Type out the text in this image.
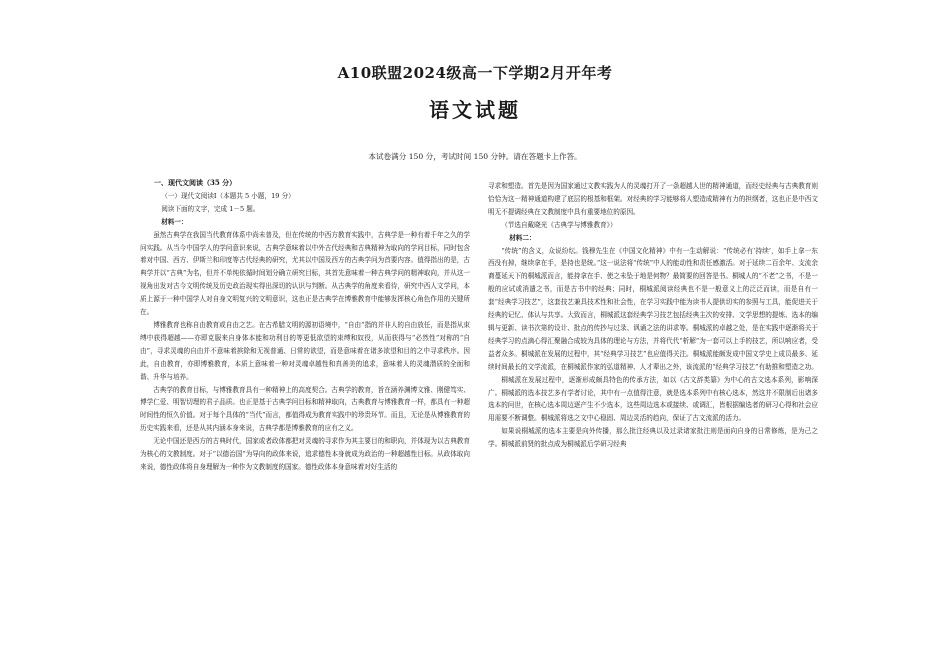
A10联盟2024级高一下学期2月开年考
语文试题
本试卷满分 150 分，考试时间 150 分钟。请在答题卡上作答。

一、现代文阅读（35 分）

（一）现代文阅读Ⅰ（本题共 5 小题，19 分）

阅读下面的文字，完成 1－5 题。

材料一：

虽然古典学在我国当代教育体系中尚未普及，但在传统的中西方教育实践中，古典学是一种有着千年之久的学问实践。从当今中国学人的学问意识来说，古典学意味着以中外古代经典和古典精神为取向的学问目标，同时包含着对中国、西方、伊斯兰和印度等古代经典的研究，尤其以中国及西方的古典学问为首要内容。值得指出的是，古典学并以“古典”为名，但并不单纯依循时间划分确立研究目标，其首先意味着一种古典学问的精神取向，并从这一视角出发对古今文明传统及历史政治现实得出深切的认识与判断。从古典学的角度来看待，研究中西人文学问，本质上源于一种中国学人对自身文明复兴的文明意识，这也正是古典学在博雅教育中能够发挥核心角色作用的关键所在。

博雅教育也称自由教育或自由之艺。在古希腊文明的源初语境中，“自由”指的并非人的自由放任，而是指从束缚中获得超越——亦即克服来自身体本能和功利目的等更低欲望的束缚和奴役，从而获得与“必然性”对称的“自由”，寻求灵魂的自由并不意味着摈除和无视普通、日常的欲望，而是意味着在诸多欲望和目的之中寻求秩序。因此，自由教育，亦即博雅教育，本质上意味着一种对灵魂卓越性和真善美的追求，意味着人的灵魂潜质的全面和谐、升华与培养。

古典学的教育目标，与博雅教育具有一种精神上的高度契合。古典学的教育，旨在涵养渊博文雅、刚健笃实、博学仁爱、明智切理的君子品质。也正是基于古典学问目标和精神取向，古典教育与博雅教育一样，都具有一种超时间性的恒久价值。对于每个具体的“当代”而言，都值得成为教育实践中的珍贵环节。而且，无论是从博雅教育的历史实践来看，还是从其内涵本身来说，古典学都是博雅教育的应有之义。

无论中国还是西方的古典时代，国家或者政体都把对灵魂的寻求作为其主要目的和职向，并体现为以古典教育为核心的文教制度。对于“以德治国”为导向的政体来说，追求德性本身就成为政治的一种超越性目标。从政体取向来说，德性政体将自身理解为一种作为文教制度的国家。德性政体本身意味着对好生活的

寻求和塑造。首先是因为国家通过文教实践为人的灵魂打开了一条超越人世的精神通道，而经史经典与古典教育则恰恰为这一精神通道构建了底层的根基和框架。对经典的学习能够将人塑造成精神有力的担纲者，这也正是中西文明无不提调经典在文教制度中具有重要地位的原因。

（节选自戴晓光《古典学与博雅教育》）

材料二：

“传统”的含义，众说纷纭。钱穆先生在《中国文化精神》中有一生动解说：“传统必有‘持续’，如手上拿一东西没有掉，继续拿在手，是持也是统。”这一说法将“传统”中人的能动性和责任感激活。对于延续二百余年、支流余裔蔓延天下的桐城派而言，能持拿在手、使之未坠于地是何物？最简要的回答是书。桐城人的“不老”之书，不是一般的应试或消遣之书，而是古书中的经典；同时，桐城派阅读经典也不是一般意义上的泛泛而读，而是自有一套“经典学习技艺”，这套技艺兼具技术性和社会性，在学习实践中能为读书人提供切实的参照与工具，能促进关于经典的记忆、体认与共享。大致而言，桐城派这套经典学习技艺包括经典主次的安排、文学思想的提炼、选本的编辑与更新、读书次第的设计、批点的传抄与过录、讽诵之法的讲求等。桐城派的卓越之处，是在实践中逐渐将关于经典学习的点滴心得汇聚融合成较为具体的理论与方法，并将代代“析解”为一套可以上手的技艺，所以响应者，受益者众多。桐城派在发展的过程中，其“经典学习技艺”也应值得关注。桐城派能颇发成中国文学史上成员最多、延续时间最长的文学流派，在桐城派作家的弘道精神、人才辈出之外，该流派的“经典学习技艺”有助推和塑造之功。

桐城派在发展过程中，逐渐形成颇具特色的传承方法，如以《古文辞类纂》为中心的古文选本系列，影响深广。桐城派的选本技艺多有学者讨论，其中有一点值得注意，就是选本系列中有核心选本，然这并不限制后出诸多选本的问世，在核心选本周边逐产生不少选本，这些周边选本或接续、或调汇，皆根据编选者的研习心得和社会应用需要不断调整。桐城派将选之文中心稳固、周边灵活的趋向，保证了古文流派的活力。

如果说桐城派的选本主要是向外传播，那么批注经典以及过录诸家批注则是面向自身的日常修炼，是为己之学。桐城派前贤的批点成为桐城派后学研习经典
